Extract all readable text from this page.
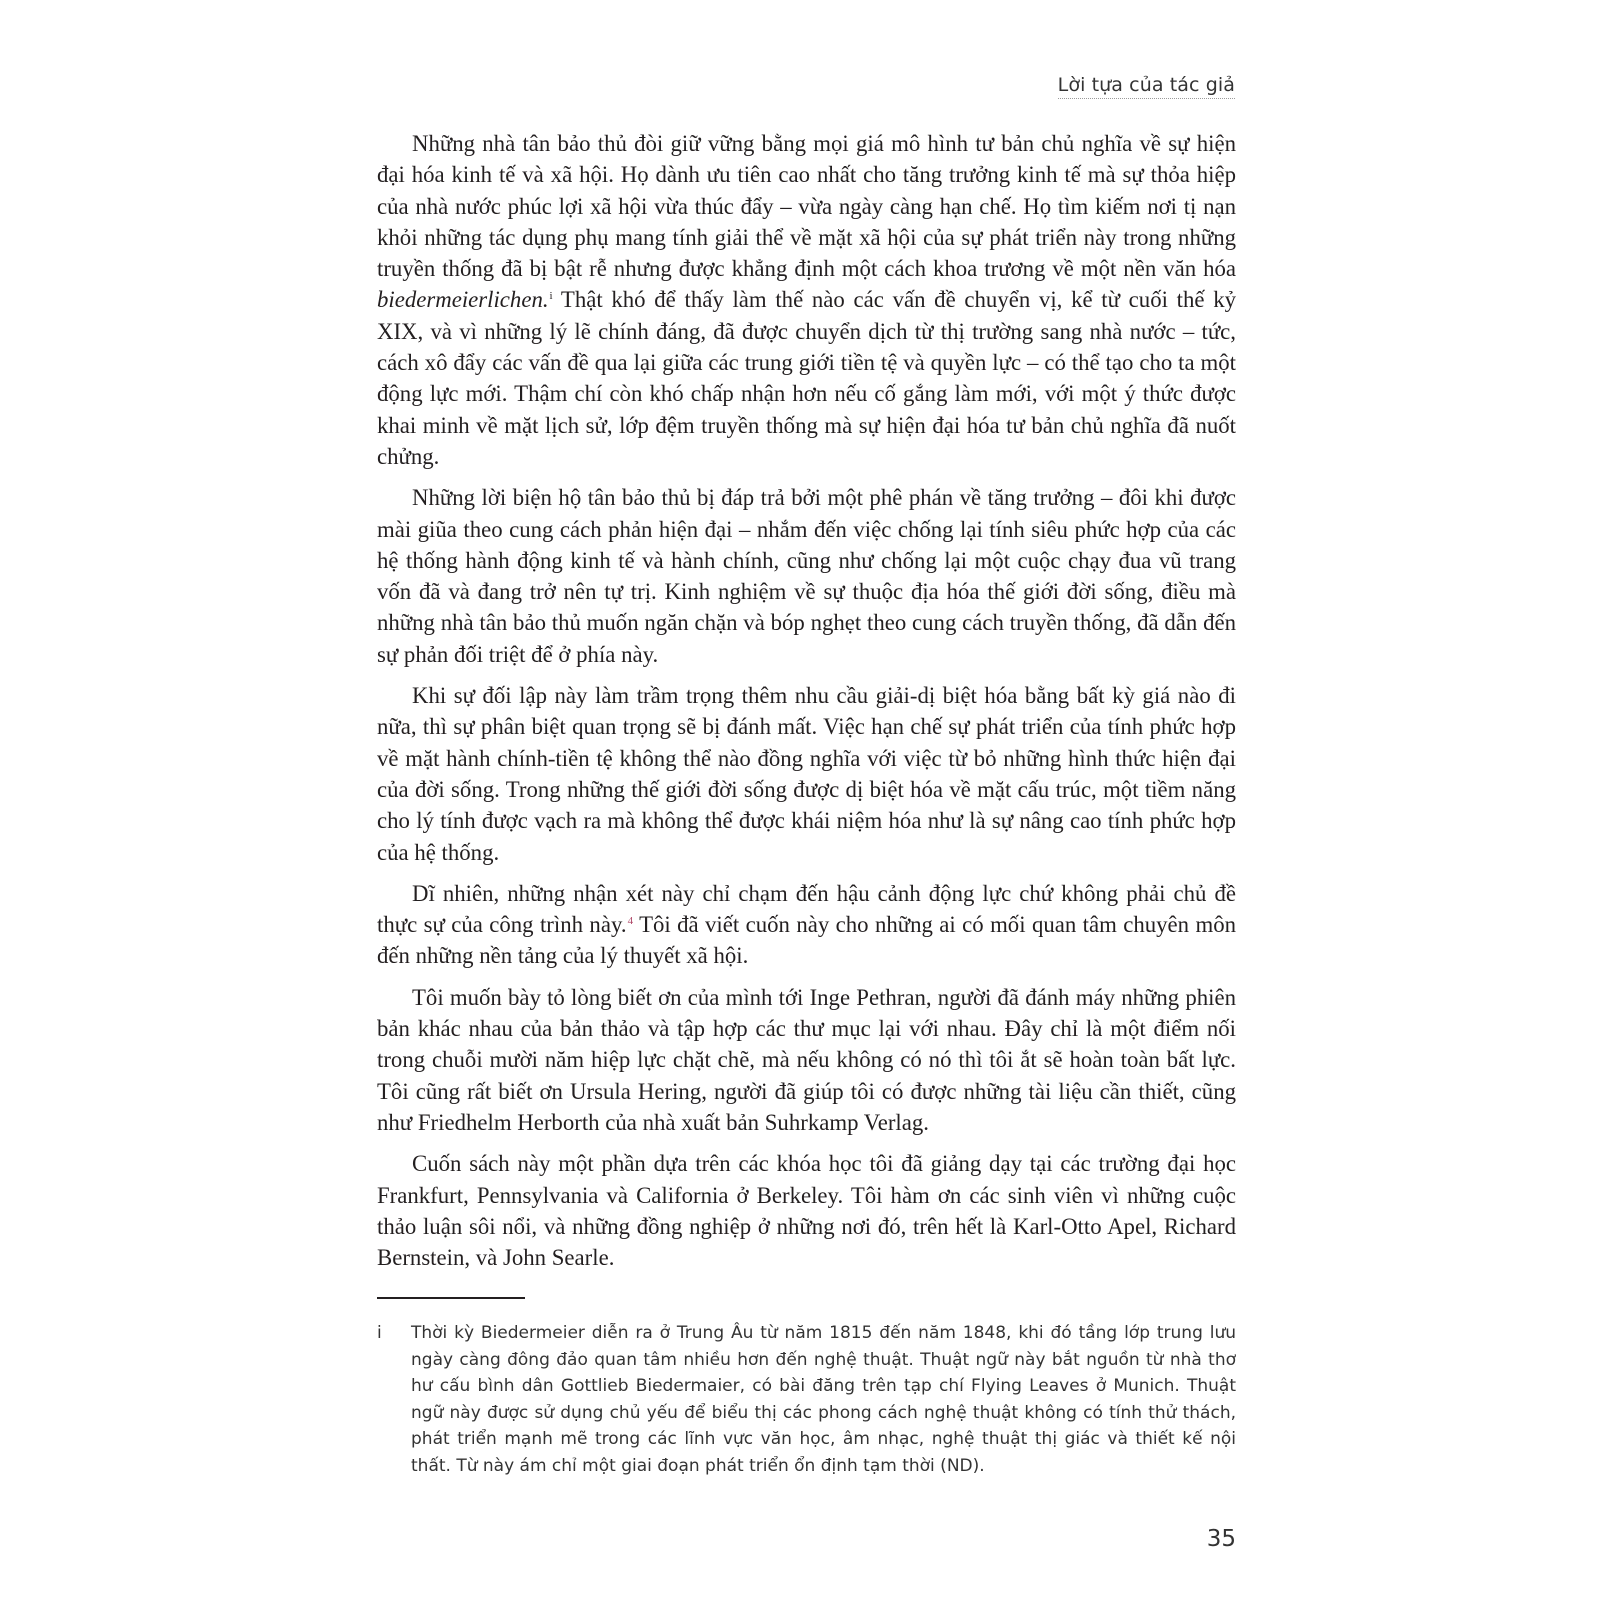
Lời tựa của tác giả

Những nhà tân bảo thủ đòi giữ vững bằng mọi giá mô hình tư bản chủ nghĩa về sự hiện đại hóa kinh tế và xã hội. Họ dành ưu tiên cao nhất cho tăng trưởng kinh tế mà sự thỏa hiệp của nhà nước phúc lợi xã hội vừa thúc đẩy – vừa ngày càng hạn chế. Họ tìm kiếm nơi tị nạn khỏi những tác dụng phụ mang tính giải thể về mặt xã hội của sự phát triển này trong những truyền thống đã bị bật rễ nhưng được khẳng định một cách khoa trương về một nền văn hóa biedermeierlichen.$^i$ Thật khó để thấy làm thế nào các vấn đề chuyển vị, kể từ cuối thế kỷ XIX, và vì những lý lẽ chính đáng, đã được chuyển dịch từ thị trường sang nhà nước – tức, cách xô đẩy các vấn đề qua lại giữa các trung giới tiền tệ và quyền lực – có thể tạo cho ta một động lực mới. Thậm chí còn khó chấp nhận hơn nếu cố gắng làm mới, với một ý thức được khai minh về mặt lịch sử, lớp đệm truyền thống mà sự hiện đại hóa tư bản chủ nghĩa đã nuốt chửng.

Những lời biện hộ tân bảo thủ bị đáp trả bởi một phê phán về tăng trưởng – đôi khi được mài giũa theo cung cách phản hiện đại – nhắm đến việc chống lại tính siêu phức hợp của các hệ thống hành động kinh tế và hành chính, cũng như chống lại một cuộc chạy đua vũ trang vốn đã và đang trở nên tự trị. Kinh nghiệm về sự thuộc địa hóa thế giới đời sống, điều mà những nhà tân bảo thủ muốn ngăn chặn và bóp nghẹt theo cung cách truyền thống, đã dẫn đến sự phản đối triệt để ở phía này.

Khi sự đối lập này làm trầm trọng thêm nhu cầu giải-dị biệt hóa bằng bất kỳ giá nào đi nữa, thì sự phân biệt quan trọng sẽ bị đánh mất. Việc hạn chế sự phát triển của tính phức hợp về mặt hành chính-tiền tệ không thể nào đồng nghĩa với việc từ bỏ những hình thức hiện đại của đời sống. Trong những thế giới đời sống được dị biệt hóa về mặt cấu trúc, một tiềm năng cho lý tính được vạch ra mà không thể được khái niệm hóa như là sự nâng cao tính phức hợp của hệ thống.

Dĩ nhiên, những nhận xét này chỉ chạm đến hậu cảnh động lực chứ không phải chủ đề thực sự của công trình này.$^4$ Tôi đã viết cuốn này cho những ai có mối quan tâm chuyên môn đến những nền tảng của lý thuyết xã hội.

Tôi muốn bày tỏ lòng biết ơn của mình tới Inge Pethran, người đã đánh máy những phiên bản khác nhau của bản thảo và tập hợp các thư mục lại với nhau. Đây chỉ là một điểm nối trong chuỗi mười năm hiệp lực chặt chẽ, mà nếu không có nó thì tôi ắt sẽ hoàn toàn bất lực. Tôi cũng rất biết ơn Ursula Hering, người đã giúp tôi có được những tài liệu cần thiết, cũng như Friedhelm Herborth của nhà xuất bản Suhrkamp Verlag.

Cuốn sách này một phần dựa trên các khóa học tôi đã giảng dạy tại các trường đại học Frankfurt, Pennsylvania và California ở Berkeley. Tôi hàm ơn các sinh viên vì những cuộc thảo luận sôi nổi, và những đồng nghiệp ở những nơi đó, trên hết là Karl-Otto Apel, Richard Bernstein, và John Searle.

i	Thời kỳ Biedermeier diễn ra ở Trung Âu từ năm 1815 đến năm 1848, khi đó tầng lớp trung lưu ngày càng đông đảo quan tâm nhiều hơn đến nghệ thuật. Thuật ngữ này bắt nguồn từ nhà thơ hư cấu bình dân Gottlieb Biedermaier, có bài đăng trên tạp chí Flying Leaves ở Munich. Thuật ngữ này được sử dụng chủ yếu để biểu thị các phong cách nghệ thuật không có tính thử thách, phát triển mạnh mẽ trong các lĩnh vực văn học, âm nhạc, nghệ thuật thị giác và thiết kế nội thất. Từ này ám chỉ một giai đoạn phát triển ổn định tạm thời (ND).
35
